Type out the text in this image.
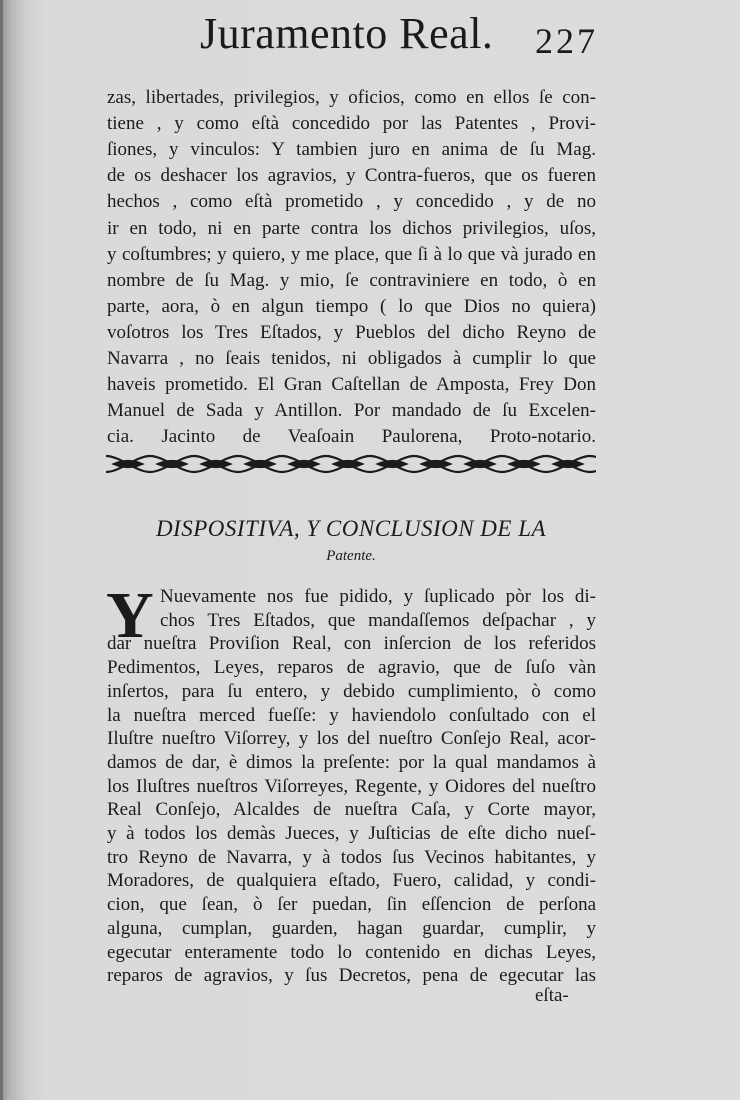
Juramento Real. 227
zas, libertades, privilegios, y oficios, como en ellos ſe con-
tiene , y como eſtà concedido por las Patentes , Provi-
ſiones, y vinculos: Y tambien juro en anima de ſu Mag.
de os deshacer los agravios, y Contra-fueros, que os fueren
hechos , como eſtà prometido , y concedido , y de no
ir en todo, ni en parte contra los dichos privilegios, uſos,
y coſtumbres; y quiero, y me place, que ſi à lo que và jurado en
nombre de ſu Mag. y mio, ſe contraviniere en todo, ò en
parte, aora, ò en algun tiempo ( lo que Dios no quiera)
voſotros los Tres Eſtados, y Pueblos del dicho Reyno de
Navarra , no ſeais tenidos, ni obligados à cumplir lo que
haveis prometido. El Gran Caſtellan de Amposta, Frey Don
Manuel de Sada y Antillon. Por mandado de ſu Excelen-
cia. Jacinto de Veaſoain Paulorena, Proto-notario.
DISPOSITIVA, Y CONCLUSION DE LA
Patente.
Y Nuevamente nos fue pidido, y ſuplicado pòr los di-
chos Tres Eſtados, que mandaſſemos deſpachar , y
dar nueſtra Proviſion Real, con inſercion de los referidos
Pedimentos, Leyes, reparos de agravio, que de ſuſo vàn
inſertos, para ſu entero, y debido cumplimiento, ò como
la nueſtra merced fueſſe: y haviendolo conſultado con el
Iluſtre nueſtro Viſorrey, y los del nueſtro Conſejo Real, acor-
damos de dar, è dimos la preſente: por la qual mandamos à
los Iluſtres nueſtros Viſorreyes, Regente, y Oidores del nueſtro
Real Conſejo, Alcaldes de nueſtra Caſa, y Corte mayor,
y à todos los demàs Jueces, y Juſticias de eſte dicho nueſ-
tro Reyno de Navarra, y à todos ſus Vecinos habitantes, y
Moradores, de qualquiera eſtado, Fuero, calidad, y condi-
cion, que ſean, ò ſer puedan, ſin eſſencion de perſona
alguna, cumplan, guarden, hagan guardar, cumplir, y
egecutar enteramente todo lo contenido en dichas Leyes,
reparos de agravios, y ſus Decretos, pena de egecutar las
eſta-
